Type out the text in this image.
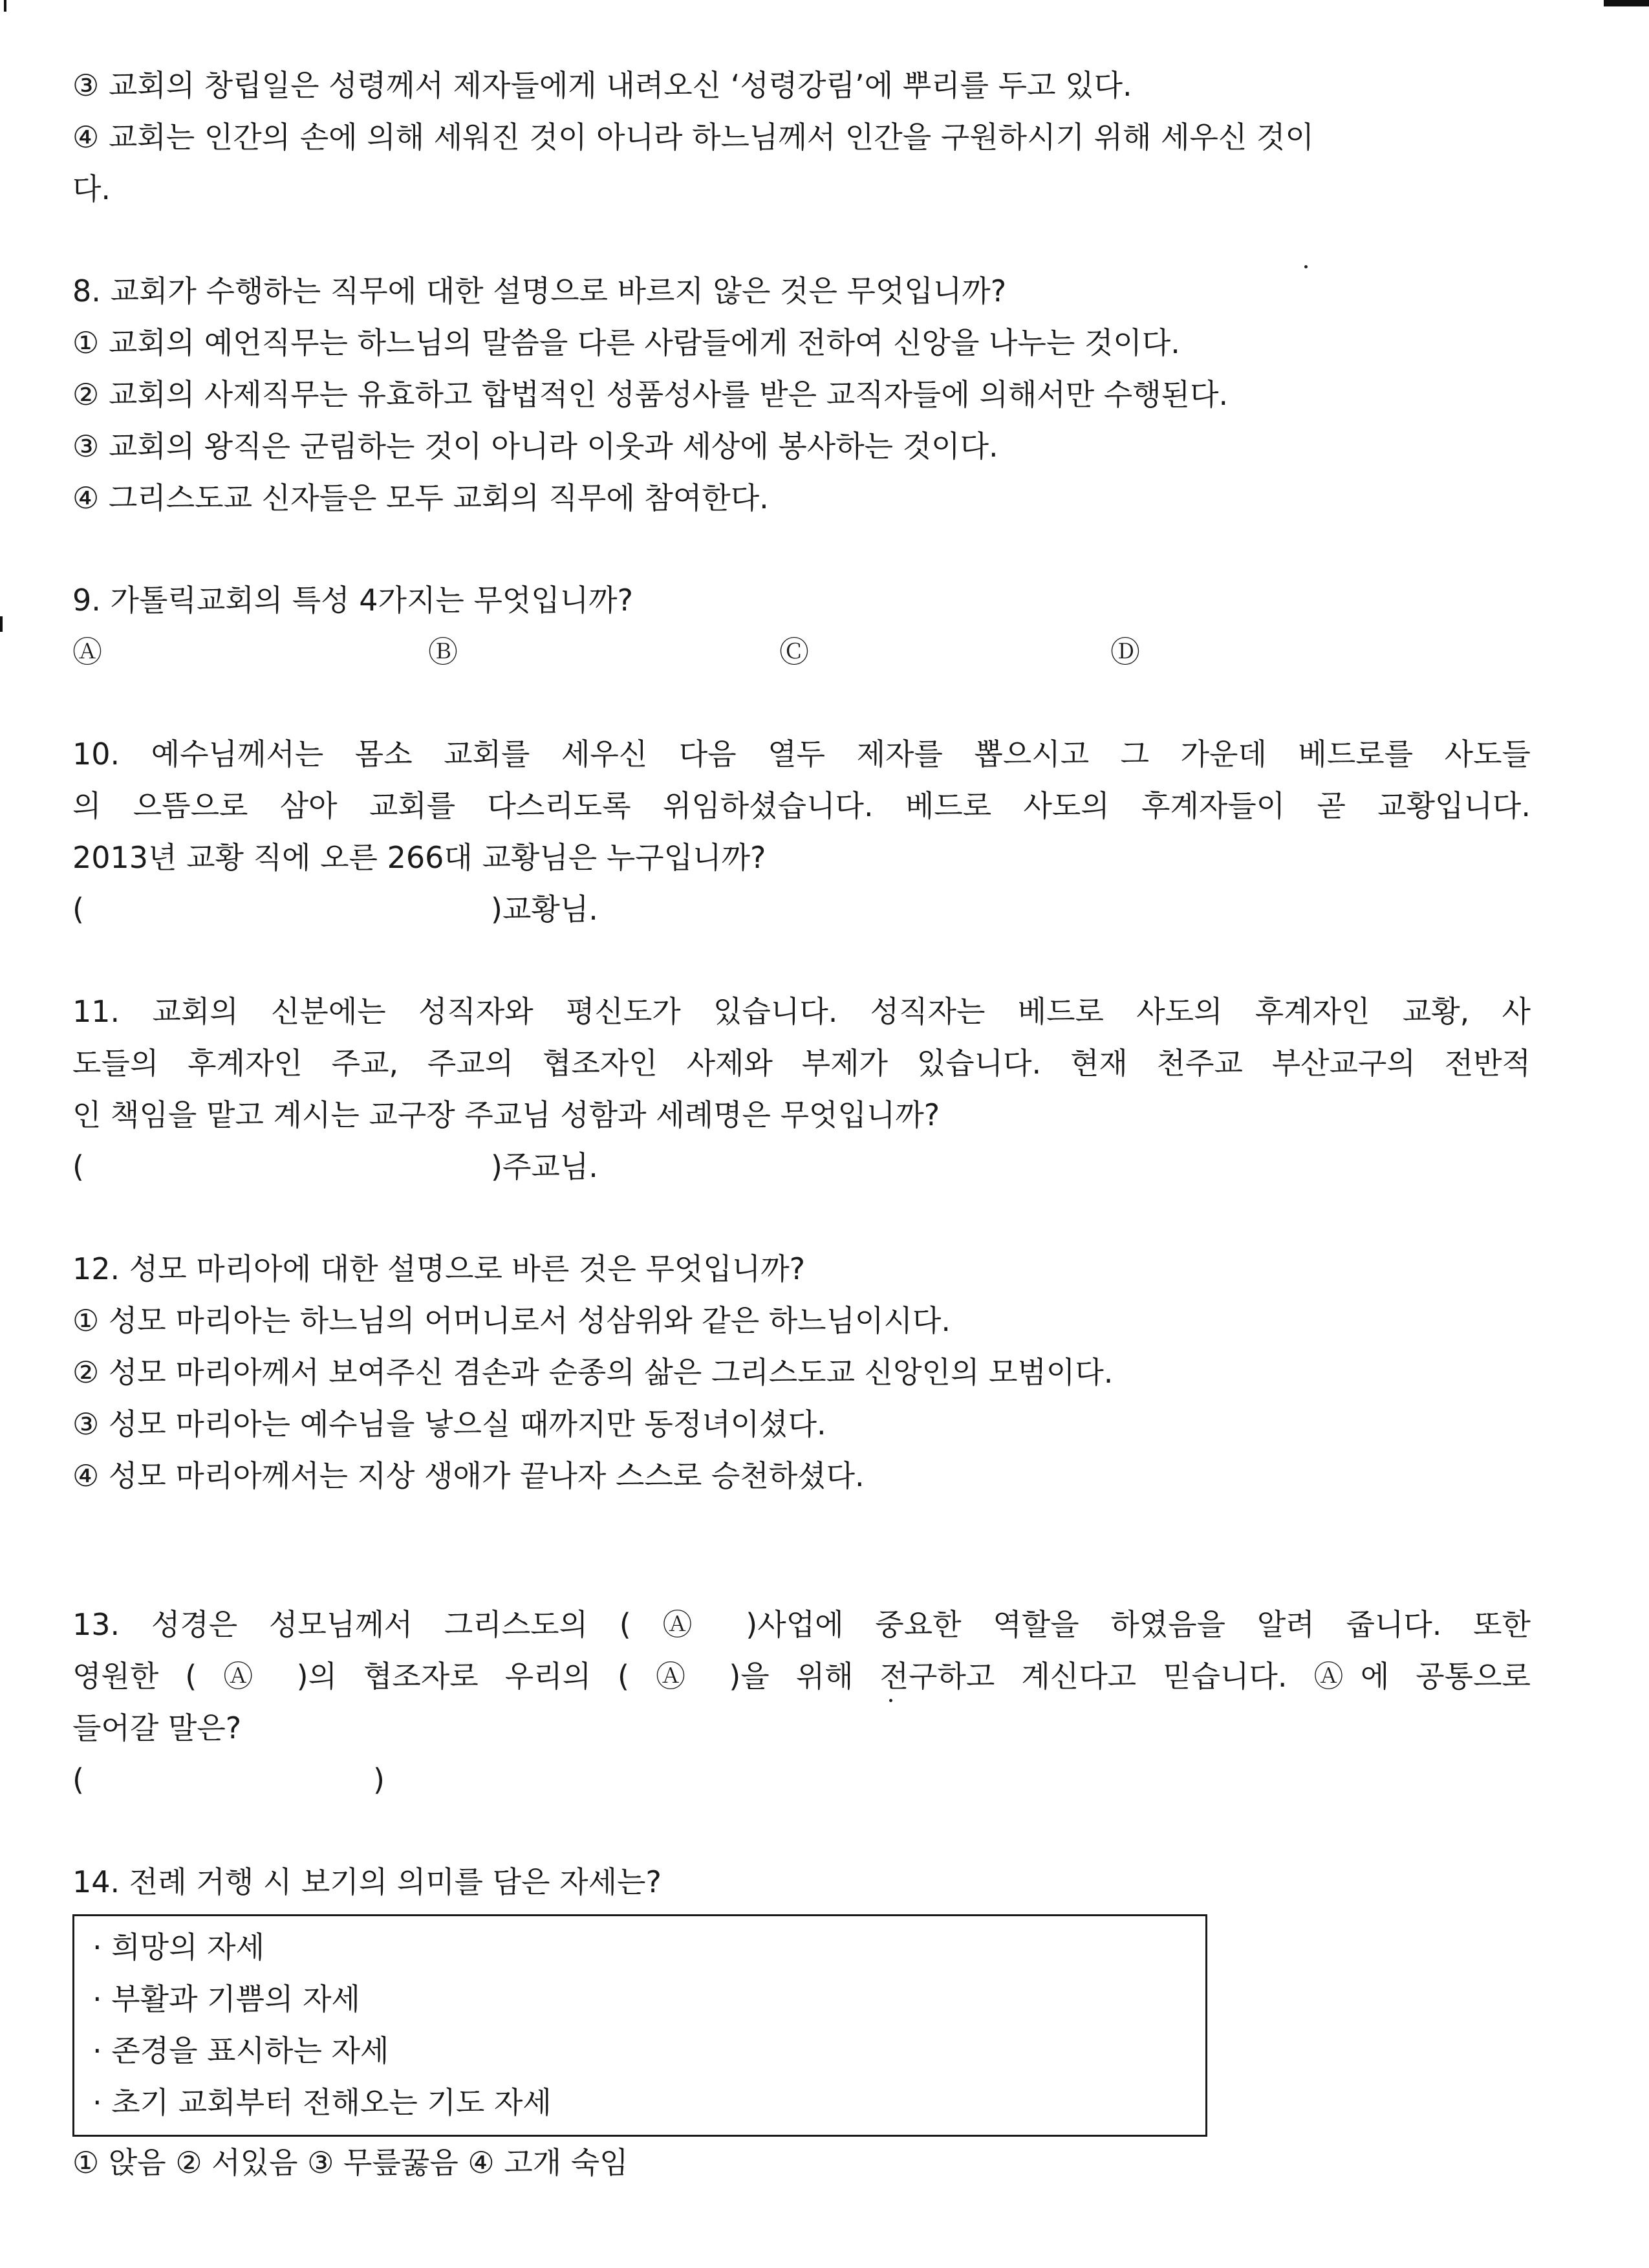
③ 교회의 창립일은 성령께서 제자들에게 내려오신 ‘성령강림’에 뿌리를 두고 있다.
④ 교회는 인간의 손에 의해 세워진 것이 아니라 하느님께서 인간을 구원하시기 위해 세우신 것이
다.
8. 교회가 수행하는 직무에 대한 설명으로 바르지 않은 것은 무엇입니까?
① 교회의 예언직무는 하느님의 말씀을 다른 사람들에게 전하여 신앙을 나누는 것이다.
② 교회의 사제직무는 유효하고 합법적인 성품성사를 받은 교직자들에 의해서만 수행된다.
③ 교회의 왕직은 군림하는 것이 아니라 이웃과 세상에 봉사하는 것이다.
④ 그리스도교 신자들은 모두 교회의 직무에 참여한다.
9. 가톨릭교회의 특성 4가지는 무엇입니까?
Ⓐ	Ⓑ	Ⓒ	Ⓓ
10. 예수님께서는 몸소 교회를 세우신 다음 열두 제자를 뽑으시고 그 가운데 베드로를 사도들
의 으뜸으로 삼아 교회를 다스리도록 위임하셨습니다. 베드로 사도의 후계자들이 곧 교황입니다.
2013년 교황 직에 오른 266대 교황님은 누구입니까?
(	)교황님.
11. 교회의 신분에는 성직자와 평신도가 있습니다. 성직자는 베드로 사도의 후계자인 교황, 사
도들의 후계자인 주교, 주교의 협조자인 사제와 부제가 있습니다. 현재 천주교 부산교구의 전반적
인 책임을 맡고 계시는 교구장 주교님 성함과 세례명은 무엇입니까?
(	)주교님.
12. 성모 마리아에 대한 설명으로 바른 것은 무엇입니까?
① 성모 마리아는 하느님의 어머니로서 성삼위와 같은 하느님이시다.
② 성모 마리아께서 보여주신 겸손과 순종의 삶은 그리스도교 신앙인의 모범이다.
③ 성모 마리아는 예수님을 낳으실 때까지만 동정녀이셨다.
④ 성모 마리아께서는 지상 생애가 끝나자 스스로 승천하셨다.
13. 성경은 성모님께서 그리스도의 ( Ⓐ )사업에 중요한 역할을 하였음을 알려 줍니다. 또한
영원한 ( Ⓐ )의 협조자로 우리의 ( Ⓐ )을 위해 전구하고 계신다고 믿습니다. Ⓐ에 공통으로
들어갈 말은?
(	)
14. 전례 거행 시 보기의 의미를 담은 자세는?
· 희망의 자세
· 부활과 기쁨의 자세
· 존경을 표시하는 자세
· 초기 교회부터 전해오는 기도 자세
① 앉음 ② 서있음 ③ 무릎꿇음 ④ 고개 숙임
